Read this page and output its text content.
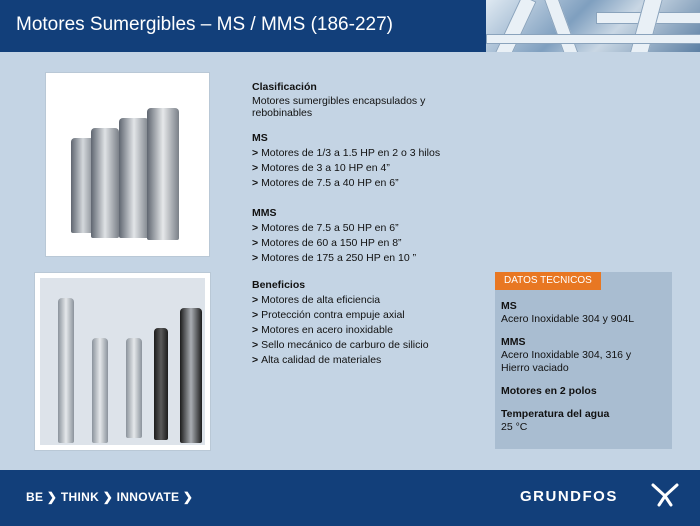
Motores Sumergibles – MS / MMS (186-227)
Clasificación
Motores sumergibles encapsulados y rebobinables
MS
> Motores de 1/3 a 1.5 HP en 2 o 3 hilos
> Motores de 3 a 10 HP en 4”
> Motores de 7.5 a 40 HP en 6”
MMS
> Motores de 7.5 a 50 HP en 6”
> Motores de 60 a 150 HP en 8”
> Motores de 175 a 250 HP en 10 ”
Beneficios
> Motores de alta eficiencia
> Protección contra empuje axial
> Motores en acero inoxidable
> Sello mecánico de carburo de silicio
> Alta calidad de materiales
DATOS TECNICOS
MS
Acero Inoxidable 304 y 904L
MMS
Acero Inoxidable 304, 316 y Hierro vaciado
Motores en 2 polos
Temperatura del agua
25 °C
BE ❯ THINK ❯ INNOVATE ❯	GRUNDFOS
